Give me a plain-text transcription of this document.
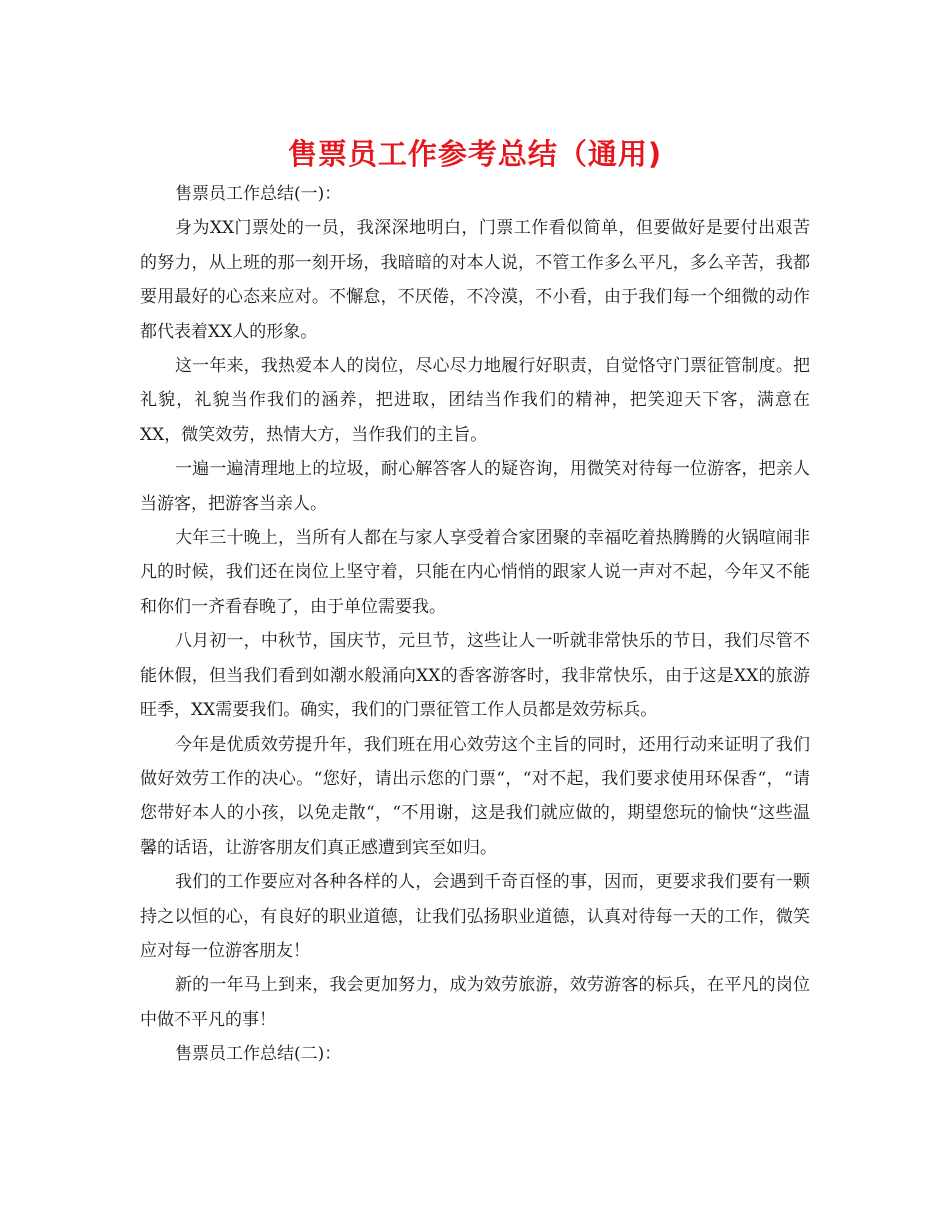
售票员工作参考总结（通用)

售票员工作总结(一)：

身为XX门票处的一员，我深深地明白，门票工作看似简单，但要做好是要付出艰苦的努力，从上班的那一刻开场，我暗暗的对本人说，不管工作多么平凡，多么辛苦，我都要用最好的心态来应对。不懈怠，不厌倦，不冷漠，不小看，由于我们每一个细微的动作都代表着XX人的形象。

这一年来，我热爱本人的岗位，尽心尽力地履行好职责，自觉恪守门票征管制度。把礼貌，礼貌当作我们的涵养，把进取，团结当作我们的精神，把笑迎天下客，满意在XX，微笑效劳，热情大方，当作我们的主旨。

一遍一遍清理地上的垃圾，耐心解答客人的疑咨询，用微笑对待每一位游客，把亲人当游客，把游客当亲人。

大年三十晚上，当所有人都在与家人享受着合家团聚的幸福吃着热腾腾的火锅喧闹非凡的时候，我们还在岗位上坚守着，只能在内心悄悄的跟家人说一声对不起，今年又不能和你们一齐看春晚了，由于单位需要我。

八月初一，中秋节，国庆节，元旦节，这些让人一听就非常快乐的节日，我们尽管不能休假，但当我们看到如潮水般涌向XX的香客游客时，我非常快乐，由于这是XX的旅游旺季，XX需要我们。确实，我们的门票征管工作人员都是效劳标兵。

今年是优质效劳提升年，我们班在用心效劳这个主旨的同时，还用行动来证明了我们做好效劳工作的决心。“您好，请出示您的门票“，“对不起，我们要求使用环保香“，“请您带好本人的小孩，以免走散“，“不用谢，这是我们就应做的，期望您玩的愉快“这些温馨的话语，让游客朋友们真正感遭到宾至如归。

我们的工作要应对各种各样的人，会遇到千奇百怪的事，因而，更要求我们要有一颗持之以恒的心，有良好的职业道德，让我们弘扬职业道德，认真对待每一天的工作，微笑应对每一位游客朋友！

新的一年马上到来，我会更加努力，成为效劳旅游，效劳游客的标兵，在平凡的岗位中做不平凡的事！

售票员工作总结(二)：
